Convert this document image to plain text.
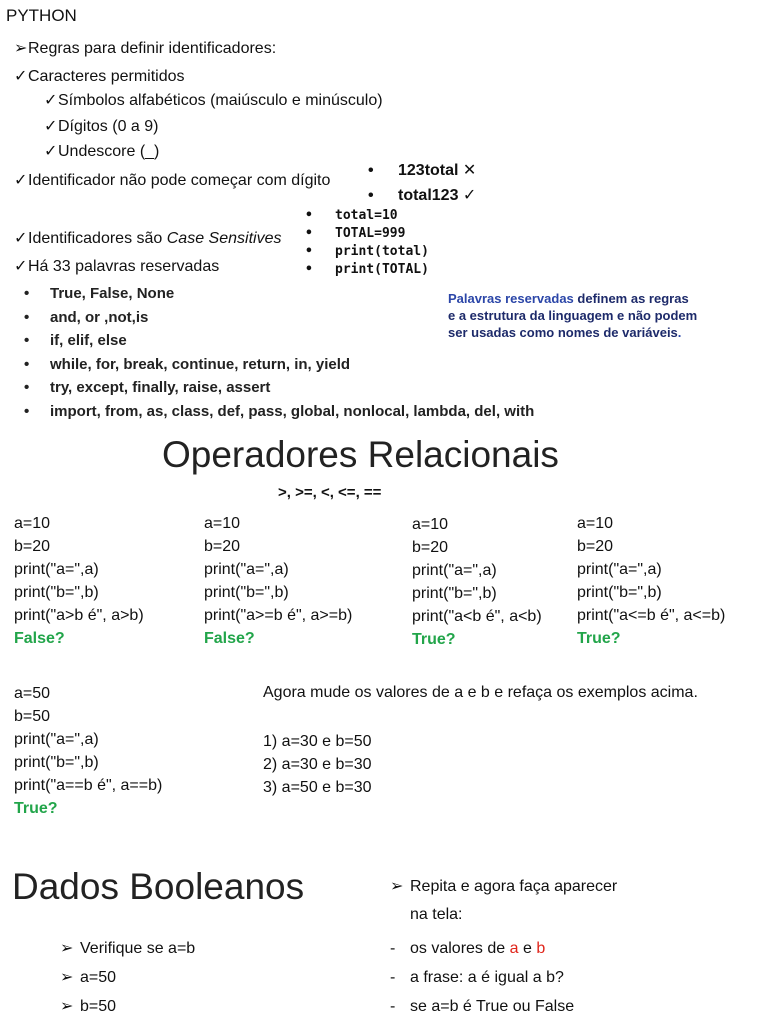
PYTHON
➢Regras para definir identificadores:
✓Caracteres permitidos
✓Símbolos alfabéticos (maiúsculo e minúsculo)
✓Dígitos (0 a 9)
✓Undescore (_)
✓Identificador não pode começar com dígito
• 123total ✕
• total123 ✓
• total=10
• TOTAL=999
• print(total)
• print(TOTAL)
✓Identificadores são Case Sensitives
✓Há 33 palavras reservadas
• True, False, None
• and, or ,not,is
• if, elif, else
• while, for, break, continue, return, in, yield
• try, except, finally, raise, assert
• import, from, as, class, def, pass, global, nonlocal, lambda, del, with
Palavras reservadas definem as regras e a estrutura da linguagem e não podem ser usadas como nomes de variáveis.
Operadores Relacionais
>, >=, <, <=, ==
a=10
b=20
print("a=",a)
print("b=",b)
print("a>b é", a>b)
False?
a=10
b=20
print("a=",a)
print("b=",b)
print("a>=b é", a>=b)
False?
a=10
b=20
print("a=",a)
print("b=",b)
print("a<b é", a<b)
True?
a=10
b=20
print("a=",a)
print("b=",b)
print("a<=b é", a<=b)
True?
a=50
b=50
print("a=",a)
print("b=",b)
print("a==b é", a==b)
True?
Agora mude os valores de a e b e refaça os exemplos acima.
1) a=30 e b=50
2) a=30 e b=30
3) a=50 e b=30
Dados Booleanos
➢ Verifique se a=b
➢ a=50
➢ b=50
➢ Repita e agora faça aparecer
na tela:
- os valores de a e b
- a frase: a é igual a b?
- se a=b é True ou False
